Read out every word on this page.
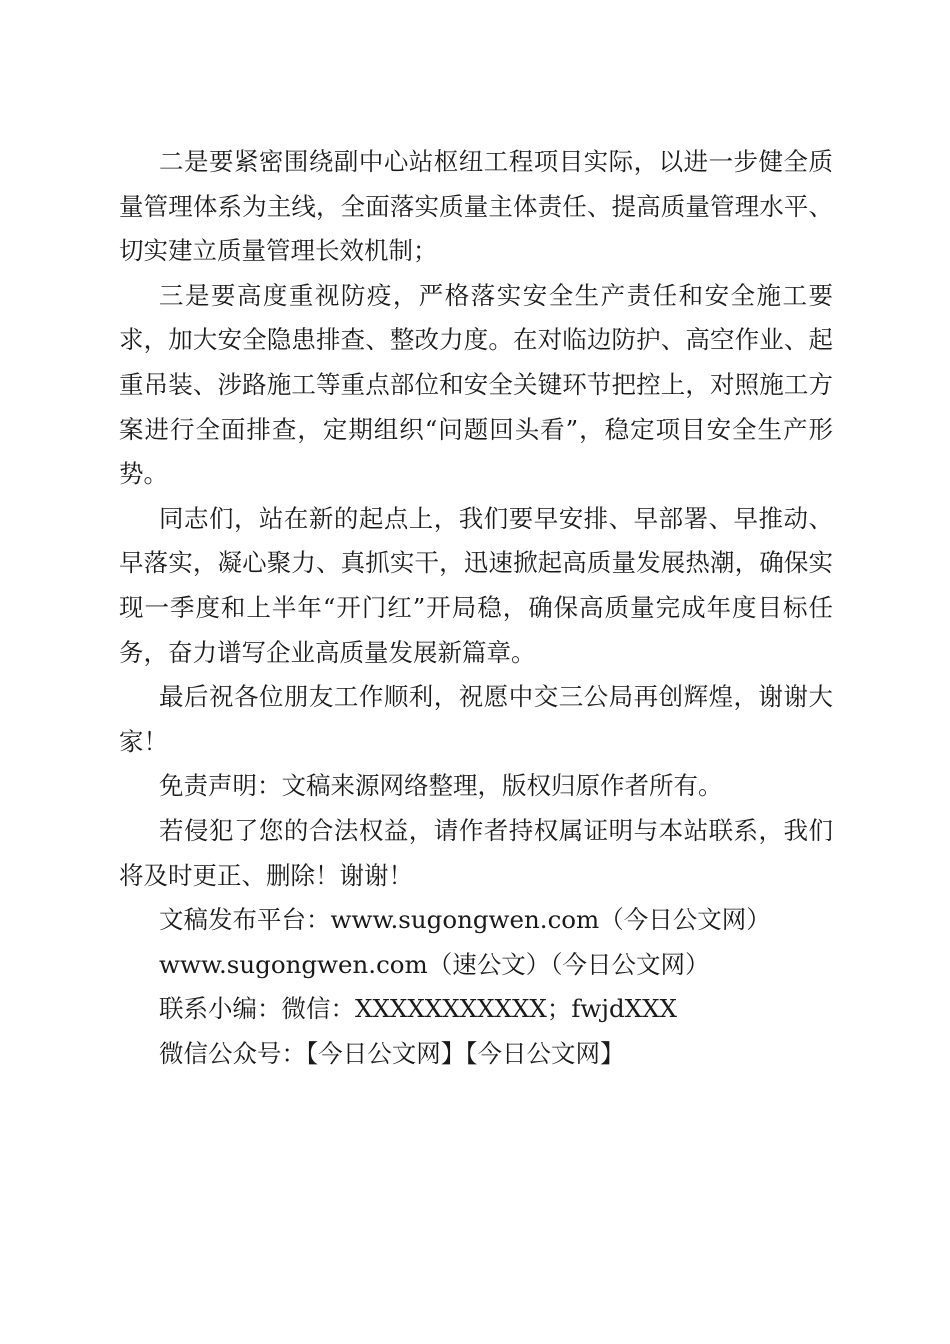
二是要紧密围绕副中心站枢纽工程项目实际，以进一步健全质量管理体系为主线，全面落实质量主体责任、提高质量管理水平、切实建立质量管理长效机制；

三是要高度重视防疫，严格落实安全生产责任和安全施工要求，加大安全隐患排查、整改力度。在对临边防护、高空作业、起重吊装、涉路施工等重点部位和安全关键环节把控上，对照施工方案进行全面排查，定期组织“问题回头看”，稳定项目安全生产形势。

同志们，站在新的起点上，我们要早安排、早部署、早推动、早落实，凝心聚力、真抓实干，迅速掀起高质量发展热潮，确保实现一季度和上半年“开门红”开局稳，确保高质量完成年度目标任务，奋力谱写企业高质量发展新篇章。

最后祝各位朋友工作顺利，祝愿中交三公局再创辉煌，谢谢大家！

免责声明：文稿来源网络整理，版权归原作者所有。

若侵犯了您的合法权益，请作者持权属证明与本站联系，我们将及时更正、删除！谢谢！

文稿发布平台：www.sugongwen.com（今日公文网）

www.sugongwen.com（速公文）（今日公文网）

联系小编：微信：XXXXXXXXXXX；fwjdXXX

微信公众号：【今日公文网】【今日公文网】
